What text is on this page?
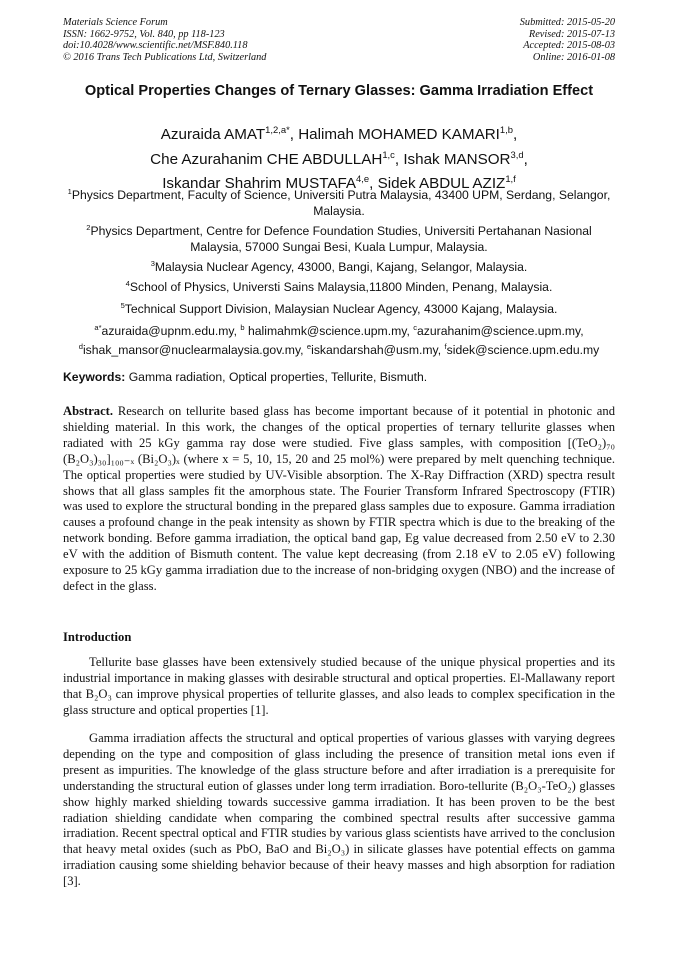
Materials Science Forum
ISSN: 1662-9752, Vol. 840, pp 118-123
doi:10.4028/www.scientific.net/MSF.840.118
© 2016 Trans Tech Publications Ltd, Switzerland
Submitted: 2015-05-20
Revised: 2015-07-13
Accepted: 2015-08-03
Online: 2016-01-08
Optical Properties Changes of Ternary Glasses: Gamma Irradiation Effect
Azuraida $AMAT^{1,2,a*}$, Halimah MOHAMED KAMARI$^{1,b}$,
Che Azurahanim CHE ABDULLAH$^{1,c}$, Ishak MANSOR$^{3,d}$,
Iskandar Shahrim MUSTAFA$^{4,e}$, Sidek ABDUL AZIZ$^{1,f}$
$^1$Physics Department, Faculty of Science, Universiti Putra Malaysia, 43400 UPM, Serdang, Selangor, Malaysia.
$^2$Physics Department, Centre for Defence Foundation Studies, Universiti Pertahanan Nasional Malaysia, 57000 Sungai Besi, Kuala Lumpur, Malaysia.
$^3$Malaysia Nuclear Agency, 43000, Bangi, Kajang, Selangor, Malaysia.
$^4$School of Physics, Universti Sains Malaysia,11800 Minden, Penang, Malaysia.
$^5$Technical Support Division, Malaysian Nuclear Agency, 43000 Kajang, Malaysia.
$^{a*}$azuraida@upnm.edu.my, $^b$ halimahmk@science.upm.my, $^c$azurahanim@science.upm.my,
$^d$ishak_mansor@nuclearmalaysia.gov.my, $^e$iskandarshah@usm.my, $^f$sidek@science.upm.edu.my
Keywords: Gamma radiation, Optical properties, Tellurite, Bismuth.
Abstract. Research on tellurite based glass has become important because of it potential in photonic and shielding material. In this work, the changes of the optical properties of ternary tellurite glasses when radiated with 25 kGy gamma ray dose were studied. Five glass samples, with composition [(TeO₂)₇₀ (B₂O₃)₃₀]₁₀₀₋ₓ (Bi₂O₃)ₓ (where x = 5, 10, 15, 20 and 25 mol%) were prepared by melt quenching technique. The optical properties were studied by UV-Visible absorption. The X-Ray Diffraction (XRD) spectra result shows that all glass samples fit the amorphous state. The Fourier Transform Infrared Spectroscopy (FTIR) was used to explore the structural bonding in the prepared glass samples due to exposure. Gamma irradiation causes a profound change in the peak intensity as shown by FTIR spectra which is due to the breaking of the network bonding. Before gamma irradiation, the optical band gap, Eg value decreased from 2.50 eV to 2.30 eV with the addition of Bismuth content. The value kept decreasing (from 2.18 eV to 2.05 eV) following exposure to 25 kGy gamma irradiation due to the increase of non-bridging oxygen (NBO) and the increase of defect in the glass.
Introduction
Tellurite base glasses have been extensively studied because of the unique physical properties and its industrial importance in making glasses with desirable structural and optical properties. El-Mallawany report that B₂O₃ can improve physical properties of tellurite glasses, and also leads to complex specification in the glass structure and optical properties [1].
Gamma irradiation affects the structural and optical properties of various glasses with varying degrees depending on the type and composition of glass including the presence of transition metal ions even if present as impurities. The knowledge of the glass structure before and after irradiation is a prerequisite for understanding the structural eution of glasses under long term irradiation. Boro-tellurite (B₂O₃-TeO₂) glasses show highly marked shielding towards successive gamma irradiation. It has been proven to be the best radiation shielding candidate when comparing the combined spectral results after successive gamma irradiation. Recent spectral optical and FTIR studies by various glass scientists have arrived to the conclusion that heavy metal oxides (such as PbO, BaO and Bi₂O₃) in silicate glasses have potential effects on gamma irradiation causing some shielding behavior because of their heavy masses and high absorption for radiation [3].
